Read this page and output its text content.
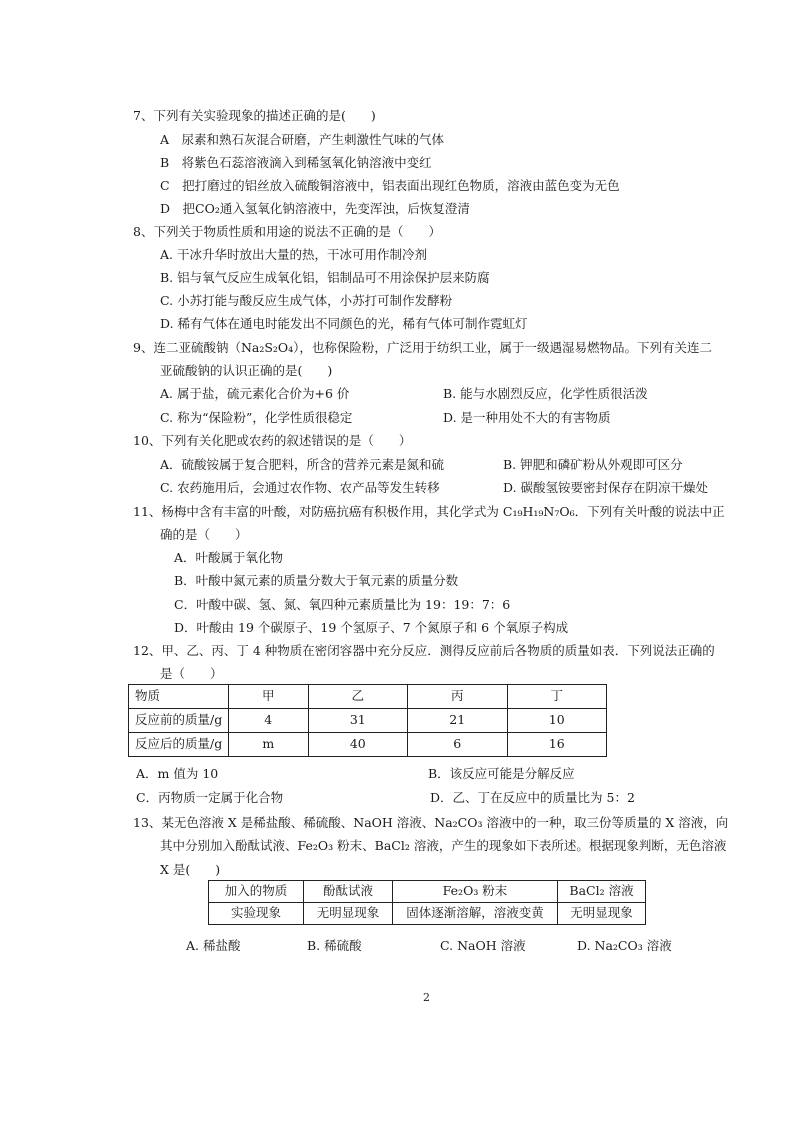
7、下列有关实验现象的描述正确的是(　　)
A　尿素和熟石灰混合研磨，产生刺激性气味的气体
B　将紫色石蕊溶液滴入到稀氢氧化钠溶液中变红
C　把打磨过的铝丝放入硫酸铜溶液中，铝表面出现红色物质，溶液由蓝色变为无色
D　把CO₂通入氢氧化钠溶液中，先变浑浊，后恢复澄清
8、下列关于物质性质和用途的说法不正确的是（　　）
A. 干冰升华时放出大量的热，干冰可用作制冷剂
B. 铝与氧气反应生成氧化铝，铝制品可不用涂保护层来防腐
C. 小苏打能与酸反应生成气体，小苏打可制作发酵粉
D. 稀有气体在通电时能发出不同颜色的光，稀有气体可制作霓虹灯
9、连二亚硫酸钠（Na₂S₂O₄），也称保险粉，广泛用于纺织工业，属于一级遇湿易燃物品。下列有关连二
亚硫酸钠的认识正确的是(　　)
A. 属于盐，硫元素化合价为+6 价	B. 能与水剧烈反应，化学性质很活泼
C. 称为“保险粉”，化学性质很稳定	D. 是一种用处不大的有害物质
10、下列有关化肥或农药的叙述错误的是（　　）
A．硫酸铵属于复合肥料，所含的营养元素是氮和硫	B. 钾肥和磷矿粉从外观即可区分
C. 农药施用后，会通过农作物、农产品等发生转移	D. 碳酸氢铵要密封保存在阴凉干燥处
11、杨梅中含有丰富的叶酸，对防癌抗癌有积极作用，其化学式为 C₁₉H₁₉N₇O₆．下列有关叶酸的说法中正
确的是（　　）
A．叶酸属于氧化物
B．叶酸中氮元素的质量分数大于氧元素的质量分数
C．叶酸中碳、氢、氮、氧四种元素质量比为 19：19：7：6
D．叶酸由 19 个碳原子、19 个氢原子、7 个氮原子和 6 个氧原子构成
12、甲、乙、丙、丁 4 种物质在密闭容器中充分反应．测得反应前后各物质的质量如表．下列说法正确的
是（　　）
物质	甲	乙	丙	丁
反应前的质量/g	4	31	21	10
反应后的质量/g	m	40	6	16
A．m 值为 10	B．该反应可能是分解反应
C．丙物质一定属于化合物	D．乙、丁在反应中的质量比为 5：2
13、某无色溶液 X 是稀盐酸、稀硫酸、NaOH 溶液、Na₂CO₃ 溶液中的一种，取三份等质量的 X 溶液，向
其中分别加入酚酞试液、Fe₂O₃ 粉末、BaCl₂ 溶液，产生的现象如下表所述。根据现象判断，无色溶液
X 是(　　)
加入的物质	酚酞试液	Fe₂O₃ 粉末	BaCl₂ 溶液
实验现象	无明显现象	固体逐渐溶解，溶液变黄	无明显现象
A. 稀盐酸	B. 稀硫酸	C. NaOH 溶液	D. Na₂CO₃ 溶液
2
